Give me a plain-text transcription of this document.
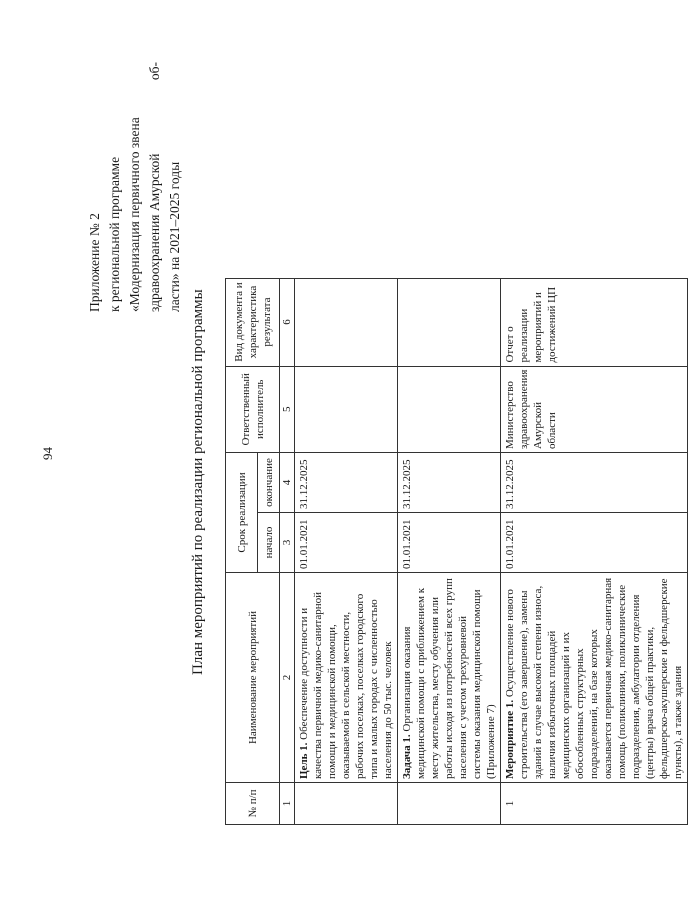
94
Приложение № 2 к региональной программе «Модернизация первичного звена здравоохранения Амурской
об-
ласти» на 2021–2025 годы
План мероприятий по реализации региональной программы
№ п/п	Наименование мероприятий	Срок реализации		Ответственный исполнитель	Вид документа и характеристика результата
		начало	окончание		
1	2	3	4	5	6
	Цель 1. Обеспечение доступности и качества первичной медико-санитарной помощи и медицинской помощи, оказываемой в сельской местности, рабочих поселках, поселках городского типа и малых городах с численностью населения до 50 тыс. человек	01.01.2021	31.12.2025		
	Задача 1. Организация оказания медицинской помощи с приближением к месту жительства, месту обучения или работы исходя из потребностей всех групп населения с учетом трехуровневой системы оказания медицинской помощи (Приложение 7)	01.01.2021	31.12.2025		
1	Мероприятие 1. Осуществление нового строительства (его завершение), замены зданий в случае высокой степени износа, наличия избыточных площадей медицинских организаций и их обособленных структурных подразделений, на базе которых оказывается первичная медико-санитарная помощь (поликлиники, поликлинические подразделения, амбулатории отделения (центры) врача общей практики, фельдшерско-акушерские и фельдшерские пункты), а также здания	01.01.2021	31.12.2025	Министерство здравоохранения Амурской области	Отчет о реализации мероприятий и достижений ЦП
